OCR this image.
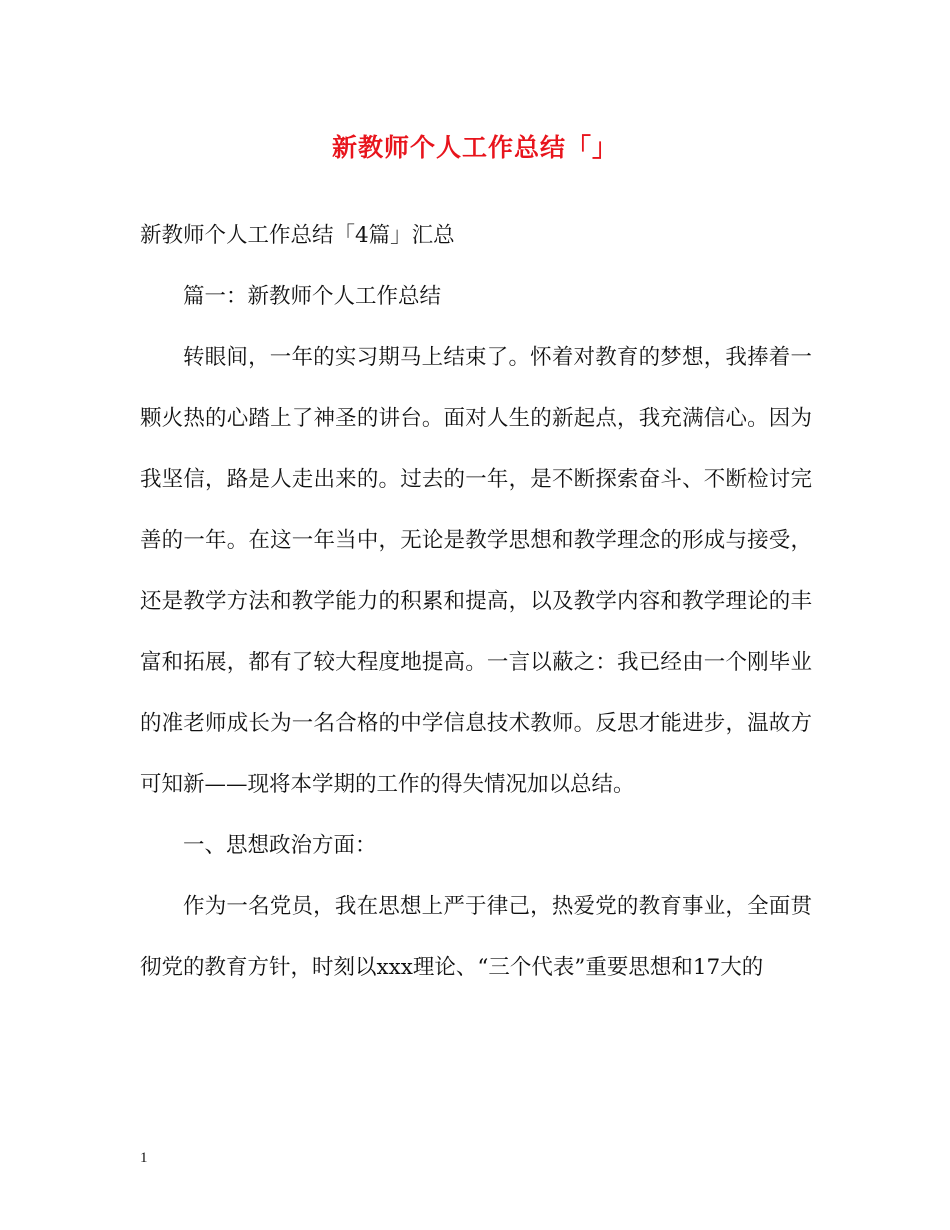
新教师个人工作总结「」
新教师个人工作总结「4篇」汇总
篇一：新教师个人工作总结
转眼间，一年的实习期马上结束了。怀着对教育的梦想，我捧着一
颗火热的心踏上了神圣的讲台。面对人生的新起点，我充满信心。因为
我坚信，路是人走出来的。过去的一年，是不断探索奋斗、不断检讨完
善的一年。在这一年当中，无论是教学思想和教学理念的形成与接受，
还是教学方法和教学能力的积累和提高，以及教学内容和教学理论的丰
富和拓展，都有了较大程度地提高。一言以蔽之：我已经由一个刚毕业
的准老师成长为一名合格的中学信息技术教师。反思才能进步，温故方
可知新——现将本学期的工作的得失情况加以总结。
一、思想政治方面：
作为一名党员，我在思想上严于律己，热爱党的教育事业，全面贯
彻党的教育方针，时刻以xxx理论、“三个代表”重要思想和17大的
1
